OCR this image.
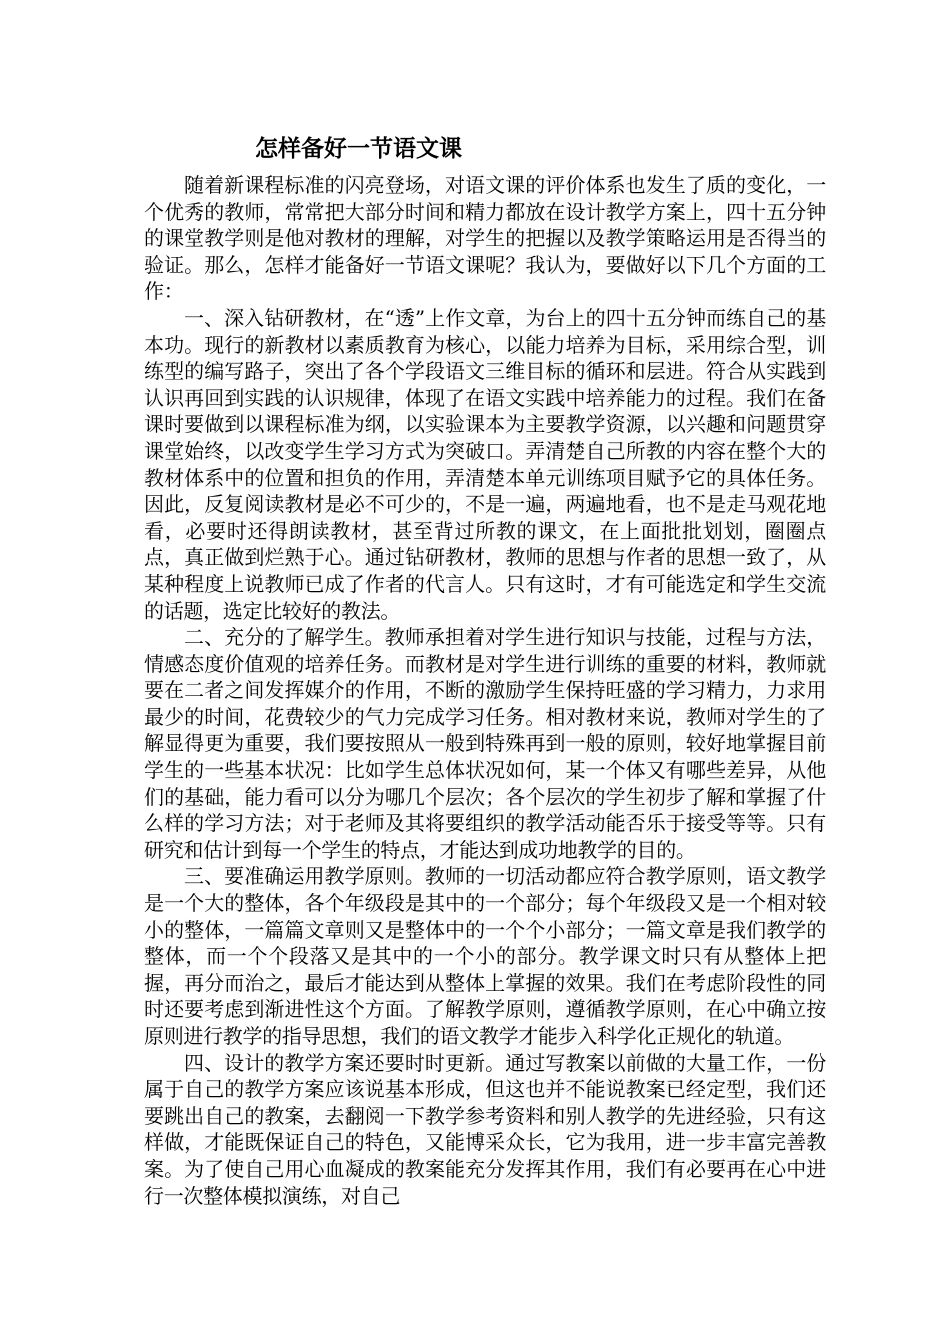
怎样备好一节语文课

随着新课程标准的闪亮登场，对语文课的评价体系也发生了质的变化，一个优秀的教师，常常把大部分时间和精力都放在设计教学方案上，四十五分钟的课堂教学则是他对教材的理解，对学生的把握以及教学策略运用是否得当的验证。那么，怎样才能备好一节语文课呢？我认为，要做好以下几个方面的工作：

一、深入钻研教材，在“透”上作文章，为台上的四十五分钟而练自己的基本功。现行的新教材以素质教育为核心，以能力培养为目标，采用综合型，训练型的编写路子，突出了各个学段语文三维目标的循环和层进。符合从实践到认识再回到实践的认识规律，体现了在语文实践中培养能力的过程。我们在备课时要做到以课程标准为纲，以实验课本为主要教学资源，以兴趣和问题贯穿课堂始终，以改变学生学习方式为突破口。弄清楚自己所教的内容在整个大的教材体系中的位置和担负的作用，弄清楚本单元训练项目赋予它的具体任务。因此，反复阅读教材是必不可少的，不是一遍，两遍地看，也不是走马观花地看，必要时还得朗读教材，甚至背过所教的课文，在上面批批划划，圈圈点点，真正做到烂熟于心。通过钻研教材，教师的思想与作者的思想一致了，从某种程度上说教师已成了作者的代言人。只有这时，才有可能选定和学生交流的话题，选定比较好的教法。

二、充分的了解学生。教师承担着对学生进行知识与技能，过程与方法，情感态度价值观的培养任务。而教材是对学生进行训练的重要的材料，教师就要在二者之间发挥媒介的作用，不断的激励学生保持旺盛的学习精力，力求用最少的时间，花费较少的气力完成学习任务。相对教材来说，教师对学生的了解显得更为重要，我们要按照从一般到特殊再到一般的原则，较好地掌握目前学生的一些基本状况：比如学生总体状况如何，某一个体又有哪些差异，从他们的基础，能力看可以分为哪几个层次；各个层次的学生初步了解和掌握了什么样的学习方法；对于老师及其将要组织的教学活动能否乐于接受等等。只有研究和估计到每一个学生的特点，才能达到成功地教学的目的。

三、要准确运用教学原则。教师的一切活动都应符合教学原则，语文教学是一个大的整体，各个年级段是其中的一个部分；每个年级段又是一个相对较小的整体，一篇篇文章则又是整体中的一个个小部分；一篇文章是我们教学的整体，而一个个段落又是其中的一个小的部分。教学课文时只有从整体上把握，再分而治之，最后才能达到从整体上掌握的效果。我们在考虑阶段性的同时还要考虑到渐进性这个方面。了解教学原则，遵循教学原则，在心中确立按原则进行教学的指导思想，我们的语文教学才能步入科学化正规化的轨道。

四、设计的教学方案还要时时更新。通过写教案以前做的大量工作，一份属于自己的教学方案应该说基本形成，但这也并不能说教案已经定型，我们还要跳出自己的教案，去翻阅一下教学参考资料和别人教学的先进经验，只有这样做，才能既保证自己的特色，又能博采众长，它为我用，进一步丰富完善教案。为了使自己用心血凝成的教案能充分发挥其作用，我们有必要再在心中进行一次整体模拟演练，对自己
